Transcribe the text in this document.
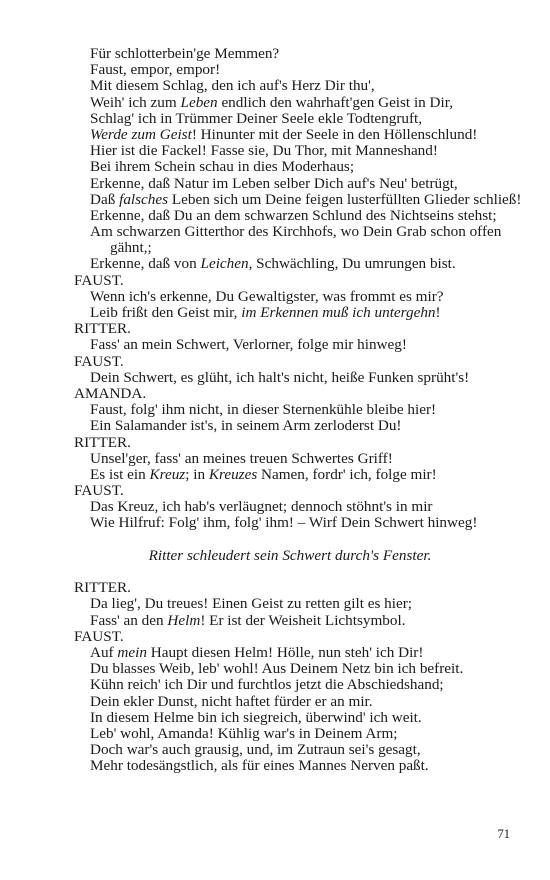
Für schlotterbein'ge Memmen?
Faust, empor, empor!
Mit diesem Schlag, den ich auf's Herz Dir thu',
Weih' ich zum Leben endlich den wahrhaft'gen Geist in Dir,
Schlag' ich in Trümmer Deiner Seele ekle Todtengruft,
Werde zum Geist! Hinunter mit der Seele in den Höllenschlund!
Hier ist die Fackel! Fasse sie, Du Thor, mit Manneshand!
Bei ihrem Schein schau in dies Moderhaus;
Erkenne, daß Natur im Leben selber Dich auf's Neu' betrügt,
Daß falsches Leben sich um Deine feigen lusterfüllten Glieder schließ!
Erkenne, daß Du an dem schwarzen Schlund des Nichtseins stehst;
Am schwarzen Gitterthor des Kirchhofs, wo Dein Grab schon offen
gähnt,;
Erkenne, daß von Leichen, Schwächling, Du umrungen bist.
FAUST.
Wenn ich's erkenne, Du Gewaltigster, was frommt es mir?
Leib frißt den Geist mir, im Erkennen muß ich untergehn!
RITTER.
Fass' an mein Schwert, Verlorner, folge mir hinweg!
FAUST.
Dein Schwert, es glüht, ich halt's nicht, heiße Funken sprüht's!
AMANDA.
Faust, folg' ihm nicht, in dieser Sternenkühle bleibe hier!
Ein Salamander ist's, in seinem Arm zerloderst Du!
RITTER.
Unsel'ger, fass' an meines treuen Schwertes Griff!
Es ist ein Kreuz; in Kreuzes Namen, fordr' ich, folge mir!
FAUST.
Das Kreuz, ich hab's verläugnet; dennoch stöhnt's in mir
Wie Hilfruf: Folg' ihm, folg' ihm! – Wirf Dein Schwert hinweg!
Ritter schleudert sein Schwert durch's Fenster.
RITTER.
Da lieg', Du treues! Einen Geist zu retten gilt es hier;
Fass' an den Helm! Er ist der Weisheit Lichtsymbol.
FAUST.
Auf mein Haupt diesen Helm! Hölle, nun steh' ich Dir!
Du blasses Weib, leb' wohl! Aus Deinem Netz bin ich befreit.
Kühn reich' ich Dir und furchtlos jetzt die Abschiedshand;
Dein ekler Dunst, nicht haftet fürder er an mir.
In diesem Helme bin ich siegreich, überwind' ich weit.
Leb' wohl, Amanda! Kühlig war's in Deinem Arm;
Doch war's auch grausig, und, im Zutraun sei's gesagt,
Mehr todesängstlich, als für eines Mannes Nerven paßt.
71
